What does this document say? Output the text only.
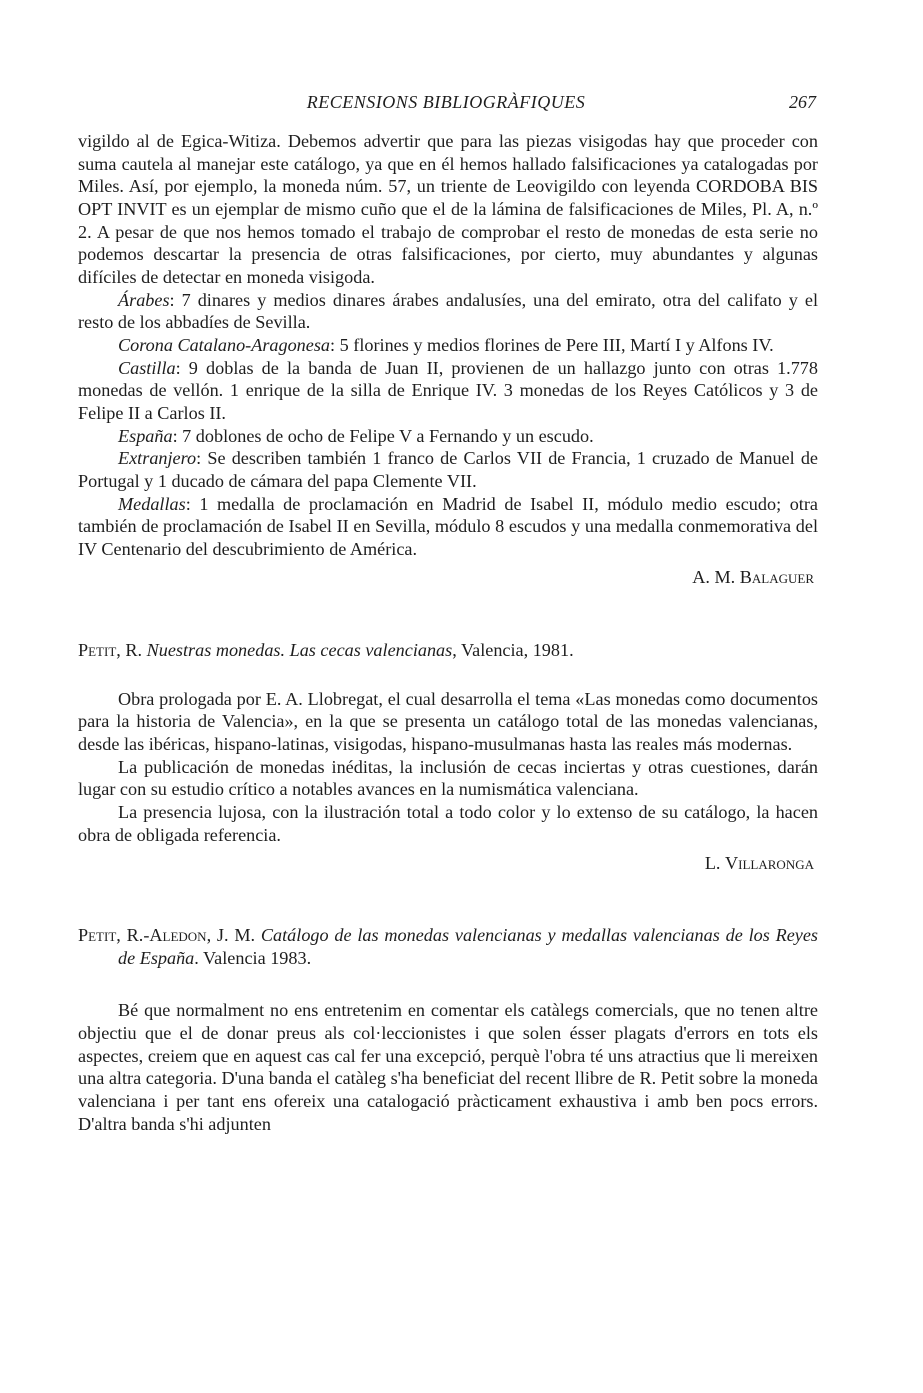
RECENSIONS BIBLIOGRÀFIQUES	267

vigildo al de Egica-Witiza. Debemos advertir que para las piezas visigodas hay que proceder con suma cautela al manejar este catálogo, ya que en él hemos hallado falsificaciones ya catalogadas por Miles. Así, por ejemplo, la moneda núm. 57, un triente de Leovigildo con leyenda CORDOBA BIS OPT INVIT es un ejemplar de mismo cuño que el de la lámina de falsificaciones de Miles, Pl. A, n.º 2. A pesar de que nos hemos tomado el trabajo de comprobar el resto de monedas de esta serie no podemos descartar la presencia de otras falsificaciones, por cierto, muy abundantes y algunas difíciles de detectar en moneda visigoda.

Árabes: 7 dinares y medios dinares árabes andalusíes, una del emirato, otra del califato y el resto de los abbadíes de Sevilla.

Corona Catalano-Aragonesa: 5 florines y medios florines de Pere III, Martí I y Alfons IV.

Castilla: 9 doblas de la banda de Juan II, provienen de un hallazgo junto con otras 1.778 monedas de vellón. 1 enrique de la silla de Enrique IV. 3 monedas de los Reyes Católicos y 3 de Felipe II a Carlos II.

España: 7 doblones de ocho de Felipe V a Fernando y un escudo.

Extranjero: Se describen también 1 franco de Carlos VII de Francia, 1 cruzado de Manuel de Portugal y 1 ducado de cámara del papa Clemente VII.

Medallas: 1 medalla de proclamación en Madrid de Isabel II, módulo medio escudo; otra también de proclamación de Isabel II en Sevilla, módulo 8 escudos y una medalla conmemorativa del IV Centenario del descubrimiento de América.

A. M. Balaguer

Petit, R. Nuestras monedas. Las cecas valencianas, Valencia, 1981.

Obra prologada por E. A. Llobregat, el cual desarrolla el tema «Las monedas como documentos para la historia de Valencia», en la que se presenta un catálogo total de las monedas valencianas, desde las ibéricas, hispano-latinas, visigodas, hispano-musulmanas hasta las reales más modernas.

La publicación de monedas inéditas, la inclusión de cecas inciertas y otras cuestiones, darán lugar con su estudio crítico a notables avances en la numismática valenciana.

La presencia lujosa, con la ilustración total a todo color y lo extenso de su catálogo, la hacen obra de obligada referencia.

L. Villaronga

Petit, R.-Aledon, J. M. Catálogo de las monedas valencianas y medallas valencianas de los Reyes de España. Valencia 1983.

Bé que normalment no ens entretenim en comentar els catàlegs comercials, que no tenen altre objectiu que el de donar preus als col·leccionistes i que solen ésser plagats d'errors en tots els aspectes, creiem que en aquest cas cal fer una excepció, perquè l'obra té uns atractius que li mereixen una altra categoria. D'una banda el catàleg s'ha beneficiat del recent llibre de R. Petit sobre la moneda valenciana i per tant ens ofereix una catalogació pràcticament exhaustiva i amb ben pocs errors. D'altra banda s'hi adjunten
